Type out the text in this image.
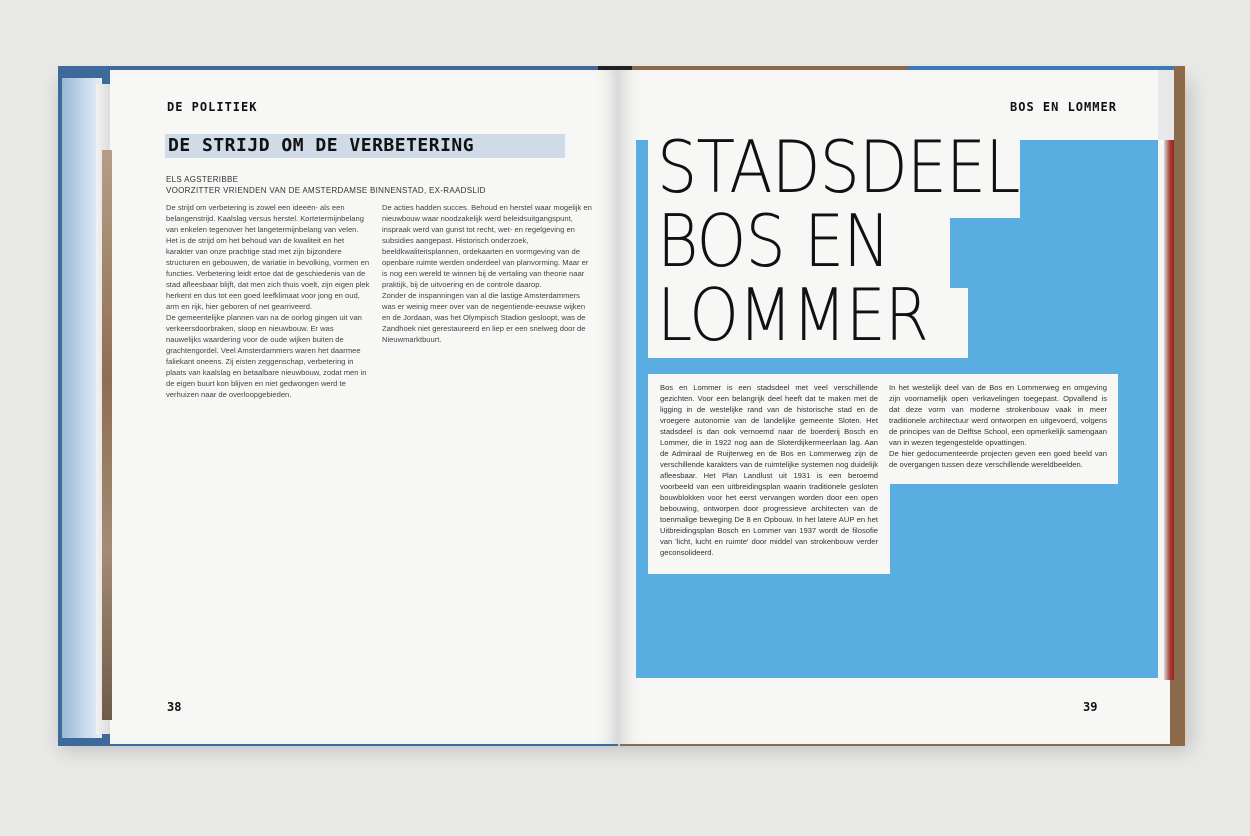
DE POLITIEK
DE STRIJD OM DE VERBETERING
ELS AGSTERIBBE
VOORZITTER VRIENDEN VAN DE AMSTERDAMSE BINNENSTAD, EX-RAADSLID

De strijd om verbetering is zowel een ideeën- als een belangenstrijd. Kaalslag versus herstel. Kortetermijnbelang van enkelen tegenover het langetermijnbelang van velen. Het is de strijd om het behoud van de kwaliteit en het karakter van onze prachtige stad met zijn bijzondere structuren en gebouwen, de variatie in bevolking, vormen en functies. Verbetering leidt ertoe dat de geschiedenis van de stad afleesbaar blijft, dat men zich thuis voelt, zijn eigen plek herkent en dus tot een goed leefklimaat voor jong en oud, arm en rijk, hier geboren of net gearriveerd.

De gemeentelijke plannen van na de oorlog gingen uit van verkeersdoorbraken, sloop en nieuwbouw. Er was nauwelijks waardering voor de oude wijken buiten de grachtengordel. Veel Amsterdammers waren het daarmee faliekant oneens. Zij eisten zeggenschap, verbetering in plaats van kaalslag en betaalbare nieuwbouw, zodat men in de eigen buurt kon blijven en niet gedwongen werd te verhuizen naar de overloopgebieden.

De acties hadden succes. Behoud en herstel waar mogelijk en nieuwbouw waar noodzakelijk werd beleidsuitgangspunt, inspraak werd van gunst tot recht, wet- en regelgeving en subsidies aangepast. Historisch onderzoek, beeldkwaliteitsplannen, ordekaarten en vormgeving van de openbare ruimte werden onderdeel van planvorming. Maar er is nog een wereld te winnen bij de vertaling van theorie naar praktijk, bij de uitvoering en de controle daarop.

Zonder de inspanningen van al die lastige Amsterdammers was er weinig meer over van de negentiende-eeuwse wijken en de Jordaan, was het Olympisch Stadion gesloopt, was de Zandhoek niet gerestaureerd en liep er een snelweg door de Nieuwmarktbuurt.

38
BOS EN LOMMER
STADSDEEL
BOS EN
LOMMER

Bos en Lommer is een stadsdeel met veel verschillende gezichten. Voor een belangrijk deel heeft dat te maken met de ligging in de westelijke rand van de historische stad en de vroegere autonomie van de landelijke gemeente Sloten. Het stadsdeel is dan ook vernoemd naar de boerderij Bosch en Lommer, die in 1922 nog aan de Sloterdijkermeerlaan lag. Aan de Admiraal de Ruijterweg en de Bos en Lommerweg zijn de verschillende karakters van de ruimtelijke systemen nog duidelijk afleesbaar. Het Plan Landlust uit 1931 is een beroemd voorbeeld van een uitbreidingsplan waarin traditionele gesloten bouwblokken voor het eerst vervangen worden door een open bebouwing, ontworpen door progressieve architecten van de toenmalige beweging De 8 en Opbouw. In het latere AUP en het Uitbreidingsplan Bosch en Lommer van 1937 wordt de filosofie van 'licht, lucht en ruimte' door middel van strokenbouw verder geconsolideerd.

In het westelijk deel van de Bos en Lommerweg en omgeving zijn voornamelijk open verkavelingen toegepast. Opvallend is dat deze vorm van moderne strokenbouw vaak in meer traditionele architectuur werd ontworpen en uitgevoerd, volgens de principes van de Delftse School, een opmerkelijk samengaan van in wezen tegengestelde opvattingen.

De hier gedocumenteerde projecten geven een goed beeld van de overgangen tussen deze verschillende wereldbeelden.

39
